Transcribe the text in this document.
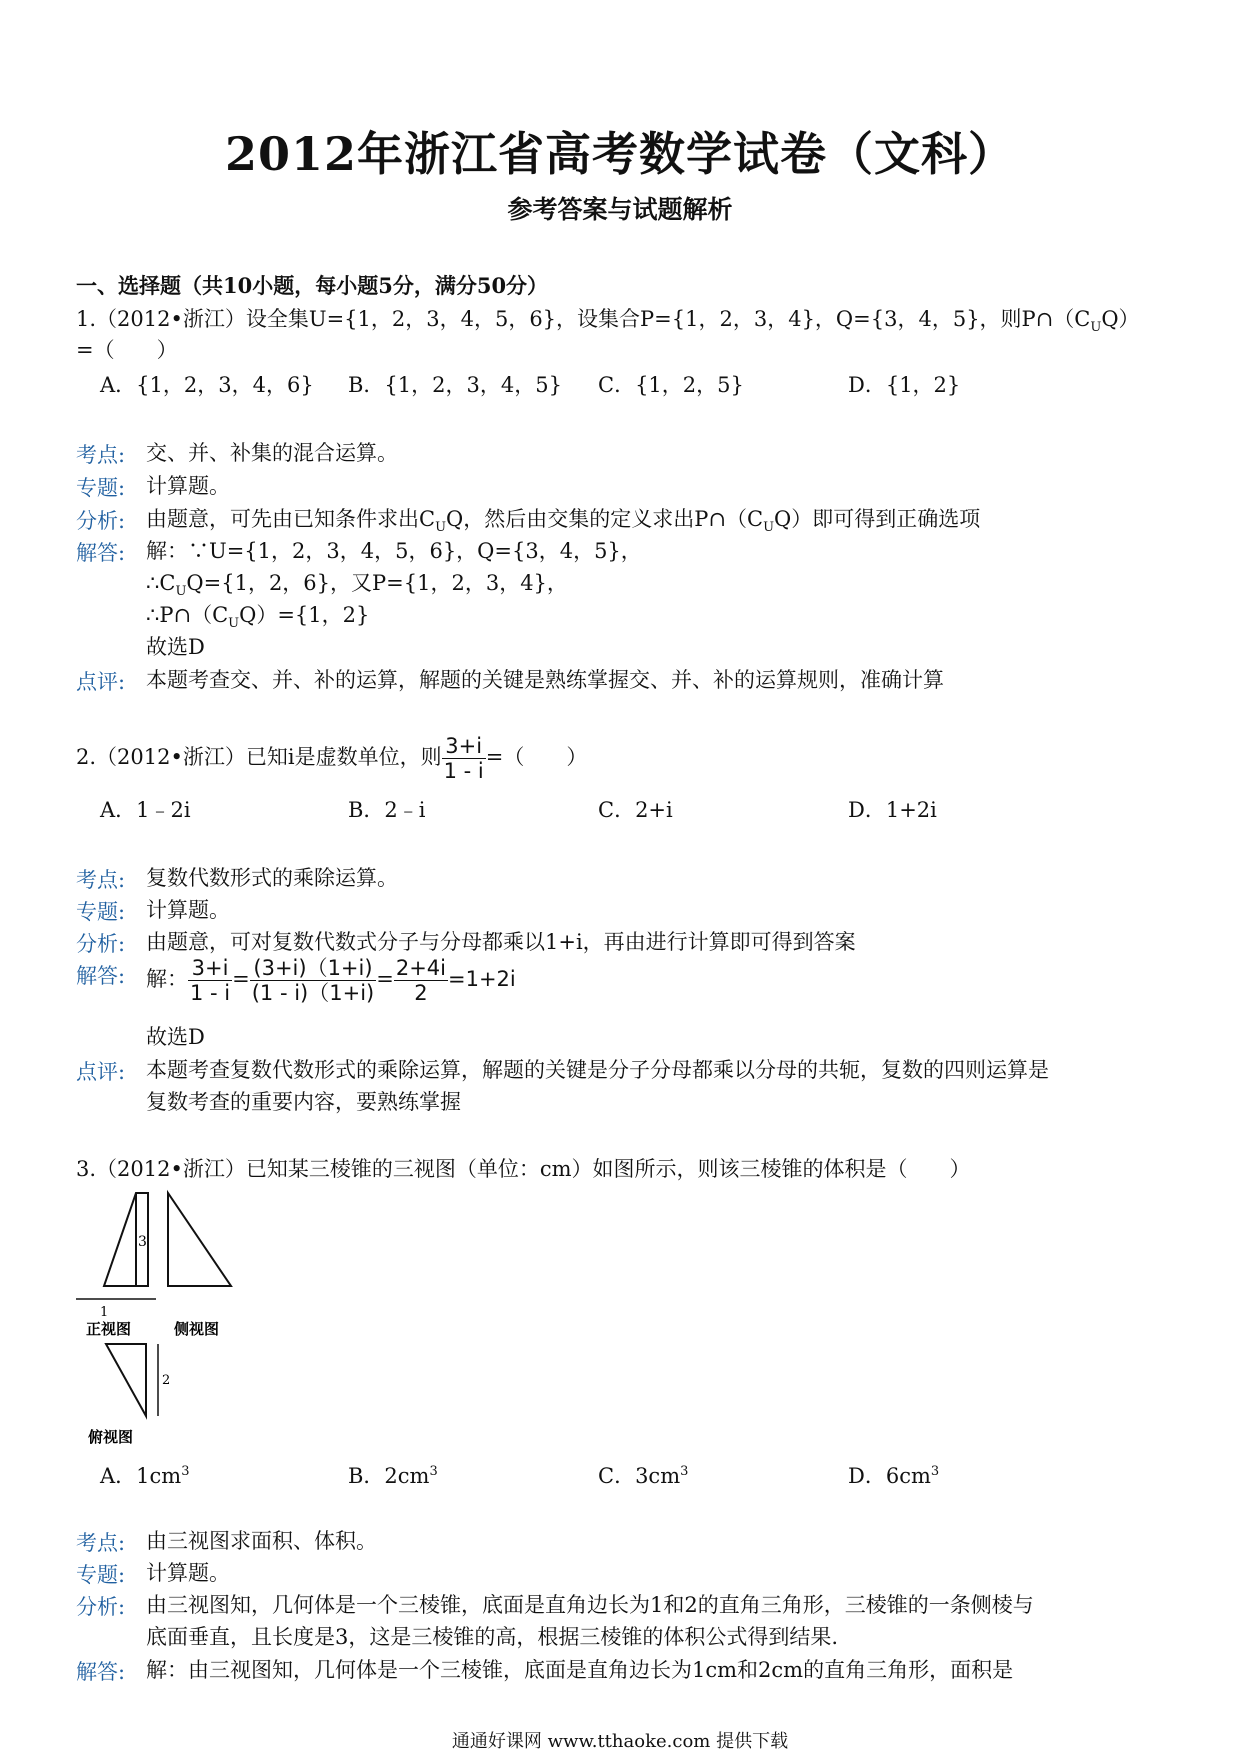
2012年浙江省高考数学试卷（文科）
参考答案与试题解析
一、选择题（共10小题，每小题5分，满分50分）
1.（2012•浙江）设全集U={1，2，3，4，5，6}，设集合P={1，2，3，4}，Q={3，4，5}，则$P\cap(C_UQ)$
=（　　）
A．{1，2，3，4，6} B．{1，2，3，4，5} C．{1，2，5}	D．{1，2}
考点: 交、并、补集的混合运算。
专题: 计算题。
分析: 由题意，可先由已知条件求出$C_UQ$，然后由交集的定义求出$P\cap(C_UQ)$即可得到正确选项
解答: 解：∵U={1，2，3，4，5，6}，Q={3，4，5}，
$\therefore C_UQ=\{1$，2，6}，又P={1，2，3，4}，
$\therefore P\cap(C_UQ)=\{1$，2}
故选D
点评: 本题考查交、并、补的运算，解题的关键是熟练掌握交、并、补的运算规则，准确计算
2.（2012•浙江）已知i是虚数单位，则 $\frac{3+i}{1 - i}$ =（　　）
A．1﹣2i	B．2﹣i	C．2+i	D．1+2i
考点: 复数代数形式的乘除运算。
专题: 计算题。
分析: 由题意，可对复数代数式分子与分母都乘以1+i，再由进行计算即可得到答案
解答: 解： $\frac{3+i}{1 - i} = \frac{(3+i)(1+i)}{(1 - i)(1+i)} = \frac{2+4i}{2} =1+2i$
故选D
点评: 本题考查复数代数形式的乘除运算，解题的关键是分子分母都乘以分母的共轭，复数的四则运算是
复数考查的重要内容，要熟练掌握
3.（2012•浙江）已知某三棱锥的三视图（单位：cm）如图所示，则该三棱锥的体积是（　　）
3
1
正视图	侧视图
2
俯视图
A．$1cm^3$	B．$2cm^3$	C．$3cm^3$	D．$6cm^3$
考点: 由三视图求面积、体积。
专题: 计算题。
分析: 由三视图知，几何体是一个三棱锥，底面是直角边长为1和2的直角三角形，三棱锥的一条侧棱与
底面垂直，且长度是3，这是三棱锥的高，根据三棱锥的体积公式得到结果.
解答: 解：由三视图知，几何体是一个三棱锥，底面是直角边长为1cm和2cm的直角三角形，面积是
通通好课网 www.tthaoke.com 提供下载
